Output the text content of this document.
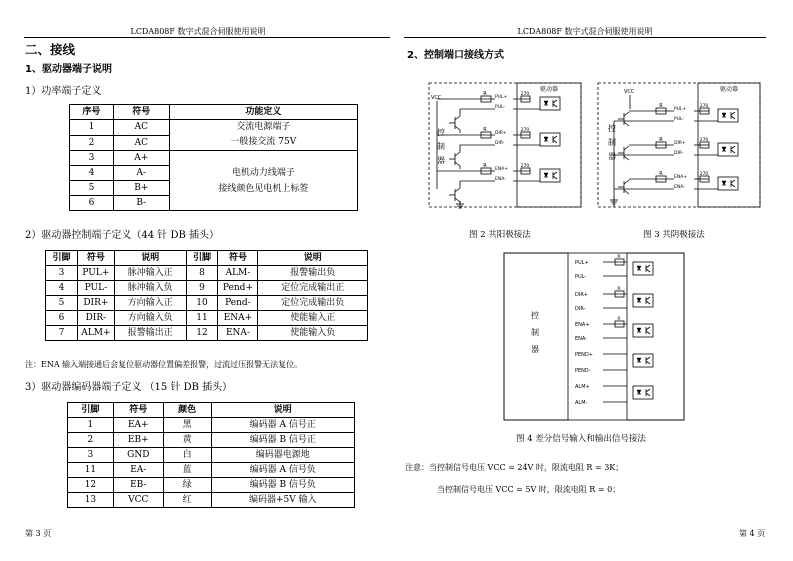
LCDA808F 数字式混合伺服使用说明
二、接线
1、驱动器端子说明
1）功率端子定义
序号	符号	功能定义
1	AC	交流电源端子
一般接交流 75V
2	AC	
3	A+	电机动力线端子
接线颜色见电机上标签
4	A-	
5	B+	
6	B-	
2）驱动器控制端子定义（44 针 DB 插头）
引脚	符号	说明	引脚	符号	说明
3	PUL+	脉冲输入正	8	ALM-	报警输出负
4	PUL-	脉冲输入负	9	Pend+	定位完成输出正
5	DIR+	方向输入正	10	Pend-	定位完成输出负
6	DIR-	方向输入负	11	ENA+	使能输入正
7	ALM+	报警输出正	12	ENA-	使能输入负
注：ENA 输入端接通后会复位驱动器位置偏差报警，过流过压报警无法复位。
3）驱动器编码器端子定义 （15 针 DB 插头）
引脚	符号	颜色	说明
1	EA+	黑	编码器 A 信号正
2	EB+	黄	编码器 B 信号正
3	GND	白	编码器电源地
11	EA-	蓝	编码器 A 信号负
12	EB-	绿	编码器 B 信号负
13	VCC	红	编码器+5V 输入
第 3 页
LCDA808F 数字式混合伺服使用说明
2、控制端口接线方式
驱动器
VCC
控
制
器
R
PUL+
PUL-
270
R
DIR+
DIR-
270
R
ENA+
ENA-
270
驱动器
VCC
控
制
器
R
PUL+
PUL-
270
R
DIR+
DIR-
270
R
ENA+
ENA-
270
图 2 共阳极接法	图 3 共阴极接法
控
制
器
PUL+
PUL-
DIR+
DIR-
ENA+
ENA-
PEND+
PEND-
ALM+
ALM-
R
R
R
图 4 差分信号输入和输出信号接法
注意：当控制信号电压 VCC = 24V 时，限流电阻 R = 3K；
当控制信号电压 VCC = 5V 时，限流电阻 R = 0；
第 4 页
